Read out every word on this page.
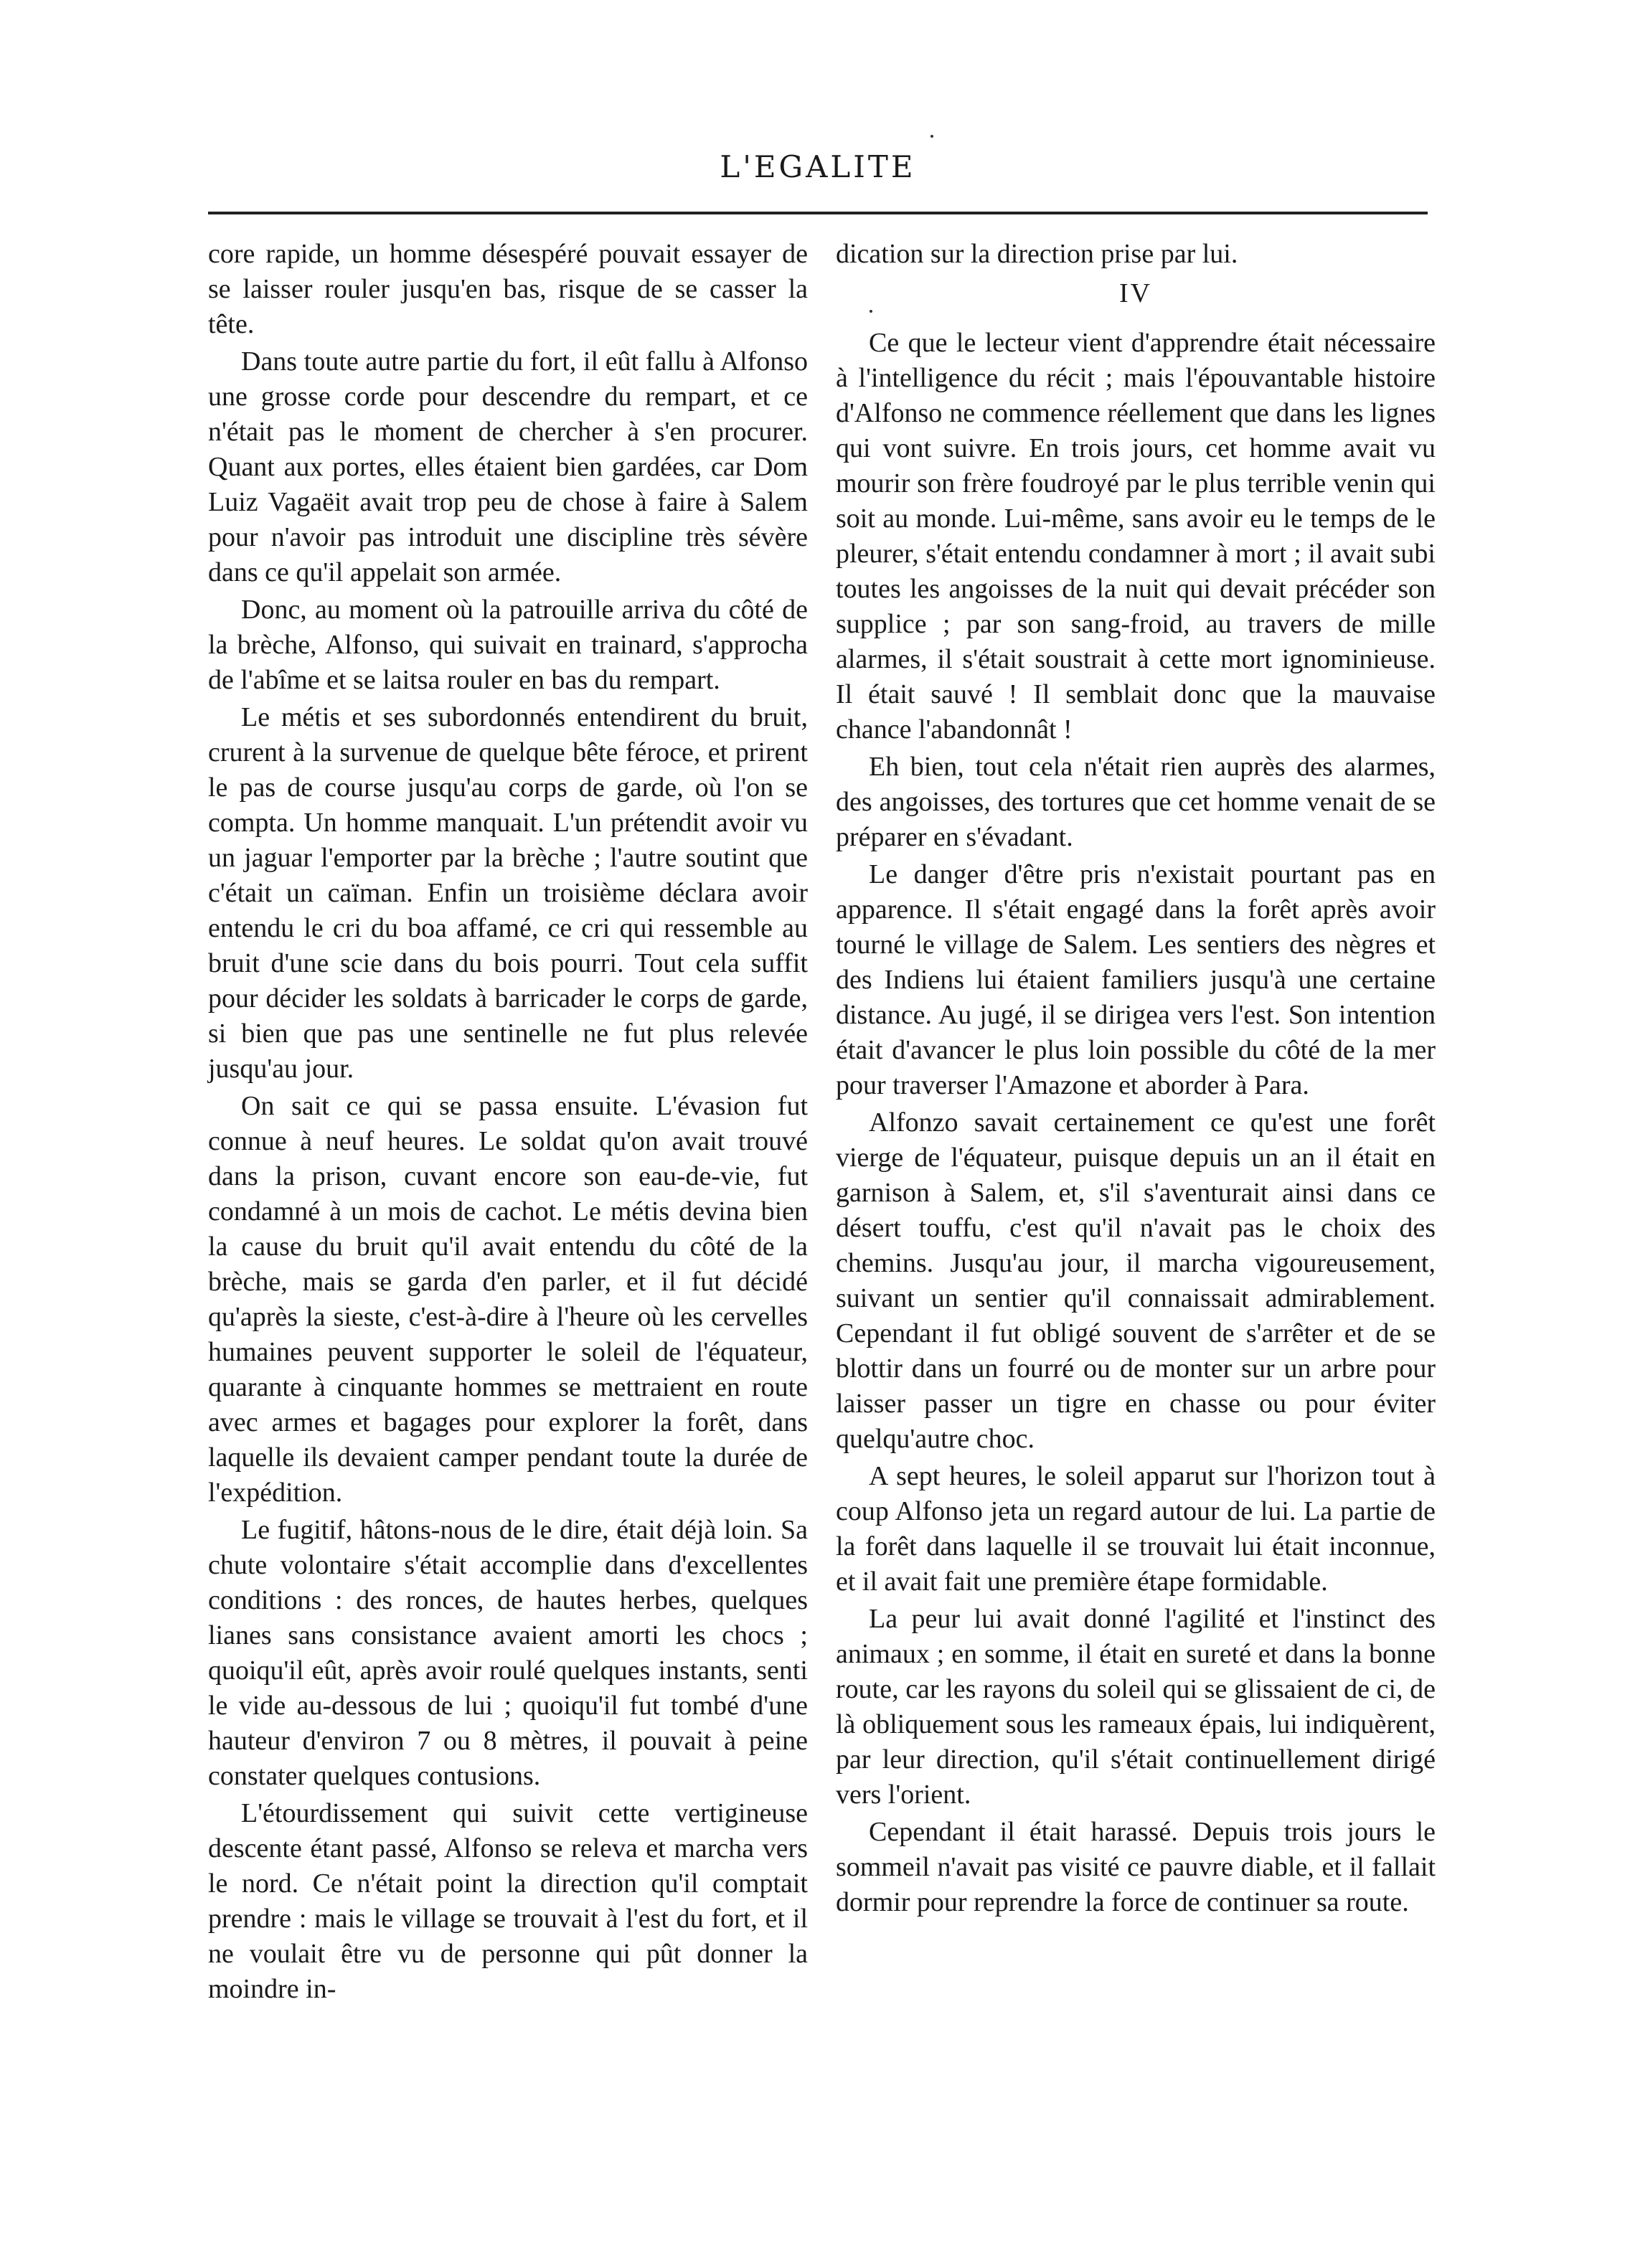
L'EGALITE

core rapide, un homme désespéré pouvait essayer de se laisser rouler jusqu'en bas, risque de se casser la tête.

Dans toute autre partie du fort, il eût fallu à Alfonso une grosse corde pour descendre du rempart, et ce n'était pas le moment de chercher à s'en procurer. Quant aux portes, elles étaient bien gardées, car Dom Luiz Vagaëit avait trop peu de chose à faire à Salem pour n'avoir pas introduit une discipline très sévère dans ce qu'il appelait son armée.

Donc, au moment où la patrouille arriva du côté de la brèche, Alfonso, qui suivait en trainard, s'approcha de l'abîme et se laitsa rouler en bas du rempart.

Le métis et ses subordonnés entendirent du bruit, crurent à la survenue de quelque bête féroce, et prirent le pas de course jusqu'au corps de garde, où l'on se compta. Un homme manquait. L'un prétendit avoir vu un jaguar l'emporter par la brèche ; l'autre soutint que c'était un caïman. Enfin un troisième déclara avoir entendu le cri du boa affamé, ce cri qui ressemble au bruit d'une scie dans du bois pourri. Tout cela suffit pour décider les soldats à barricader le corps de garde, si bien que pas une sentinelle ne fut plus relevée jusqu'au jour.

On sait ce qui se passa ensuite. L'évasion fut connue à neuf heures. Le soldat qu'on avait trouvé dans la prison, cuvant encore son eau-de-vie, fut condamné à un mois de cachot. Le métis devina bien la cause du bruit qu'il avait entendu du côté de la brèche, mais se garda d'en parler, et il fut décidé qu'après la sieste, c'est-à-dire à l'heure où les cervelles humaines peuvent supporter le soleil de l'équateur, quarante à cinquante hommes se mettraient en route avec armes et bagages pour explorer la forêt, dans laquelle ils devaient camper pendant toute la durée de l'expédition.

Le fugitif, hâtons-nous de le dire, était déjà loin. Sa chute volontaire s'était accomplie dans d'excellentes conditions : des ronces, de hautes herbes, quelques lianes sans consistance avaient amorti les chocs ; quoiqu'il eût, après avoir roulé quelques instants, senti le vide au-dessous de lui ; quoiqu'il fut tombé d'une hauteur d'environ 7 ou 8 mètres, il pouvait à peine constater quelques contusions.

L'étourdissement qui suivit cette vertigineuse descente étant passé, Alfonso se releva et marcha vers le nord. Ce n'était point la direction qu'il comptait prendre : mais le village se trouvait à l'est du fort, et il ne voulait être vu de personne qui pût donner la moindre in-

dication sur la direction prise par lui.

IV

Ce que le lecteur vient d'apprendre était nécessaire à l'intelligence du récit ; mais l'épouvantable histoire d'Alfonso ne commence réellement que dans les lignes qui vont suivre. En trois jours, cet homme avait vu mourir son frère foudroyé par le plus terrible venin qui soit au monde. Lui-même, sans avoir eu le temps de le pleurer, s'était entendu condamner à mort ; il avait subi toutes les angoisses de la nuit qui devait précéder son supplice ; par son sang-froid, au travers de mille alarmes, il s'était soustrait à cette mort ignominieuse. Il était sauvé ! Il semblait donc que la mauvaise chance l'abandonnât !

Eh bien, tout cela n'était rien auprès des alarmes, des angoisses, des tortures que cet homme venait de se préparer en s'évadant.

Le danger d'être pris n'existait pourtant pas en apparence. Il s'était engagé dans la forêt après avoir tourné le village de Salem. Les sentiers des nègres et des Indiens lui étaient familiers jusqu'à une certaine distance. Au jugé, il se dirigea vers l'est. Son intention était d'avancer le plus loin possible du côté de la mer pour traverser l'Amazone et aborder à Para.

Alfonzo savait certainement ce qu'est une forêt vierge de l'équateur, puisque depuis un an il était en garnison à Salem, et, s'il s'aventurait ainsi dans ce désert touffu, c'est qu'il n'avait pas le choix des chemins. Jusqu'au jour, il marcha vigoureusement, suivant un sentier qu'il connaissait admirablement. Cependant il fut obligé souvent de s'arrêter et de se blottir dans un fourré ou de monter sur un arbre pour laisser passer un tigre en chasse ou pour éviter quelqu'autre choc.

A sept heures, le soleil apparut sur l'horizon tout à coup Alfonso jeta un regard autour de lui. La partie de la forêt dans laquelle il se trouvait lui était inconnue, et il avait fait une première étape formidable.

La peur lui avait donné l'agilité et l'instinct des animaux ; en somme, il était en sureté et dans la bonne route, car les rayons du soleil qui se glissaient de ci, de là obliquement sous les rameaux épais, lui indiquèrent, par leur direction, qu'il s'était continuellement dirigé vers l'orient.

Cependant il était harassé. Depuis trois jours le sommeil n'avait pas visité ce pauvre diable, et il fallait dormir pour reprendre la force de continuer sa route.
